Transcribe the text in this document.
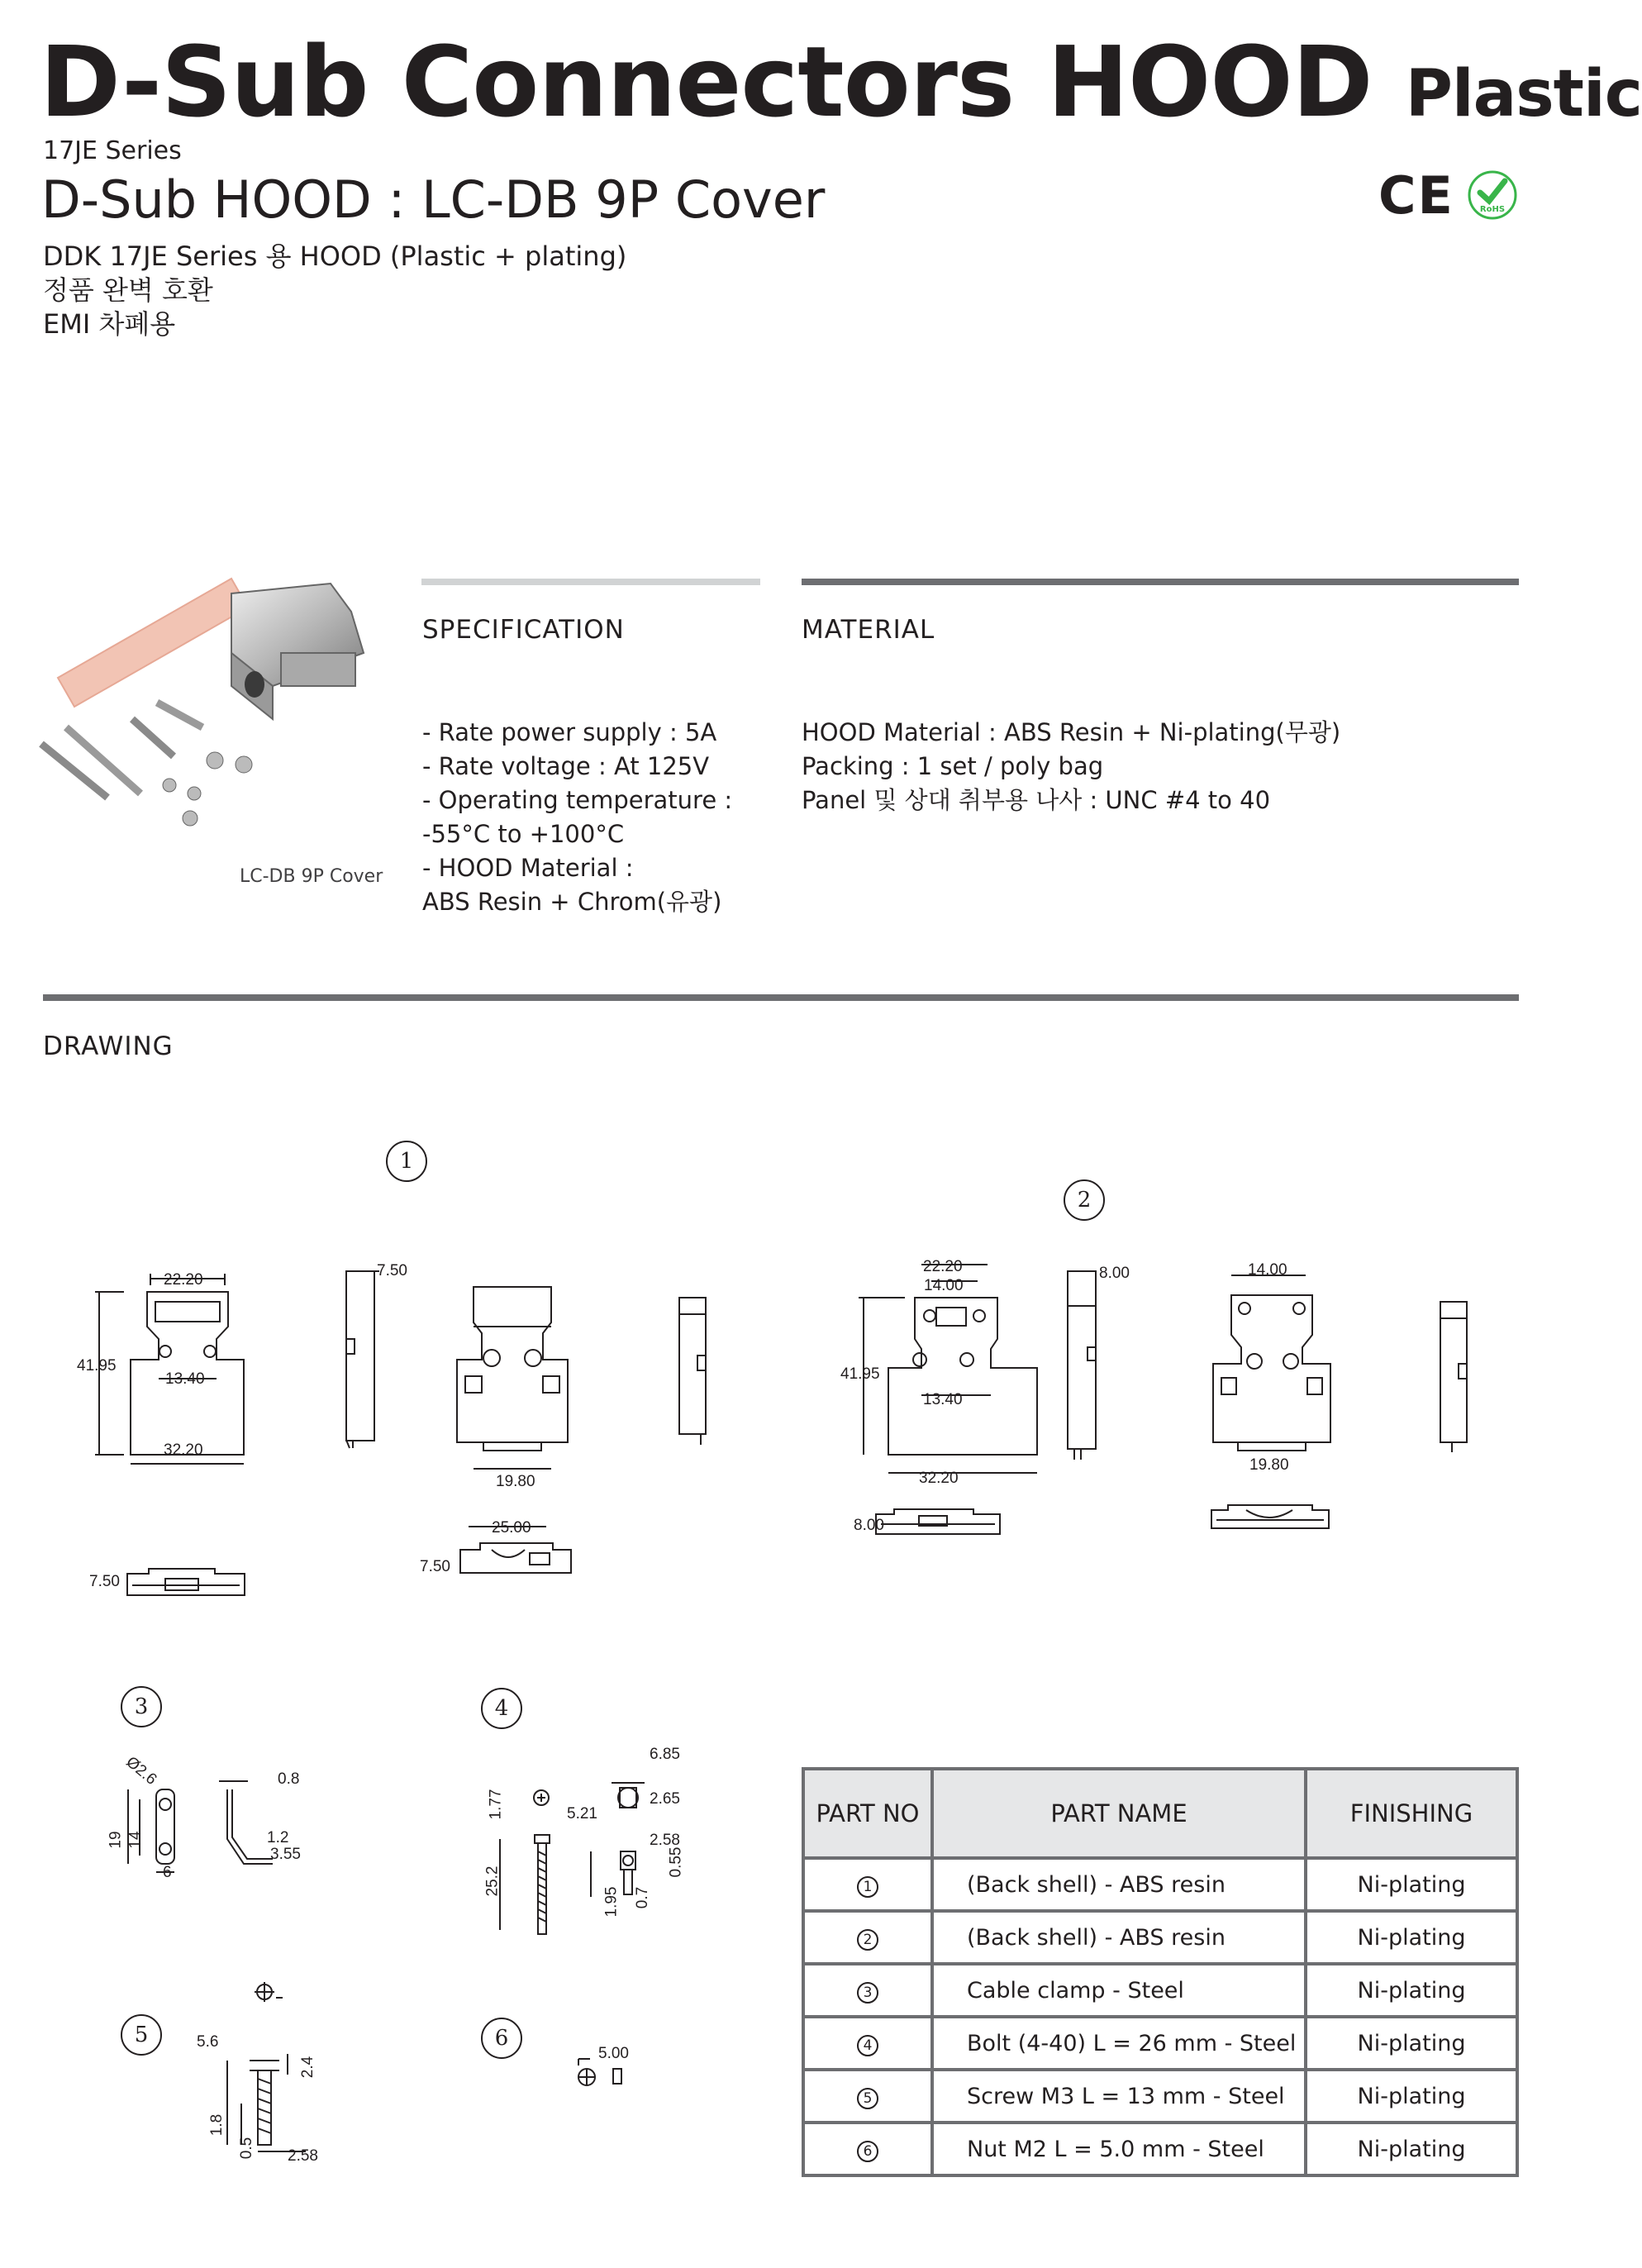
D-Sub Connectors HOOD Plastic
17JE Series
D-Sub HOOD : LC-DB 9P Cover
DDK 17JE Series 용 HOOD (Plastic + plating)
정품 완벽 호환
EMI 차폐용
CE	RoHS
LC-DB 9P Cover
SPECIFICATION
- Rate power supply : 5A
- Rate voltage : At 125V
- Operating temperature :
-55°C to +100°C
- HOOD Material :
ABS Resin + Chrom(유광)
MATERIAL
HOOD Material : ABS Resin + Ni-plating(무광)
Packing : 1 set / poly bag
Panel 및 상대 취부용 나사 : UNC #4 to 40
DRAWING
1
2
3	4
5	6
22.20
41.95
13.40
32.20
7.50
19.80
7.50
25.00
7.50
22.20
14.00
41.95
13.40
32.20
8.00	14.00
19.80
8.00
Ø2.6
19 14
6
0.8
1.2
3.55
1.77	5.21
25.2
6.85
2.65
2.58
0.55
1.95 0.7
5.6
2.4
1.8
0.5 2.58
5.00
PART NO	PART NAME	FINISHING
1	(Back shell) - ABS resin	Ni-plating
2	(Back shell) - ABS resin	Ni-plating
3	Cable clamp - Steel	Ni-plating
4	Bolt (4-40) L = 26 mm - Steel	Ni-plating
5	Screw M3 L = 13 mm - Steel	Ni-plating
6	Nut M2 L = 5.0 mm - Steel	Ni-plating
